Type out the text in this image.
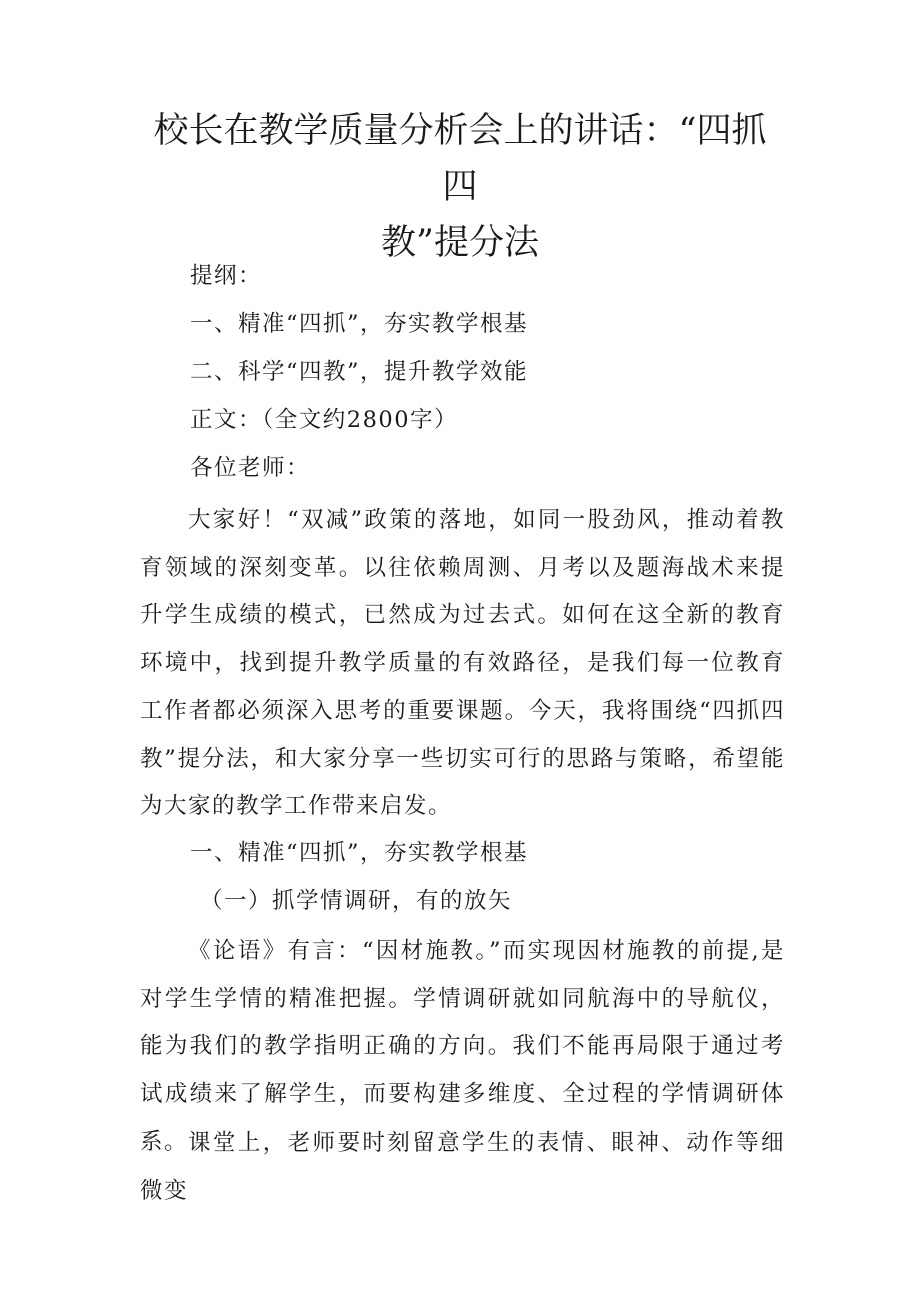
校长在教学质量分析会上的讲话：“四抓四
教”提分法
提纲：
一、精准“四抓”，夯实教学根基
二、科学“四教”，提升教学效能
正文：（全文约2800字）
各位老师：

大家好！“双减”政策的落地，如同一股劲风，推动着教育领域的深刻变革。以往依赖周测、月考以及题海战术来提升学生成绩的模式，已然成为过去式。如何在这全新的教育环境中，找到提升教学质量的有效路径，是我们每一位教育工作者都必须深入思考的重要课题。今天，我将围绕“四抓四教”提分法，和大家分享一些切实可行的思路与策略，希望能为大家的教学工作带来启发。

一、精准“四抓”，夯实教学根基
（一）抓学情调研，有的放矢

《论语》有言：“因材施教。”而实现因材施教的前提,是对学生学情的精准把握。学情调研就如同航海中的导航仪，能为我们的教学指明正确的方向。我们不能再局限于通过考试成绩来了解学生，而要构建多维度、全过程的学情调研体系。 课堂上，老师要时刻留意学生的表情、眼神、动作等细微变
